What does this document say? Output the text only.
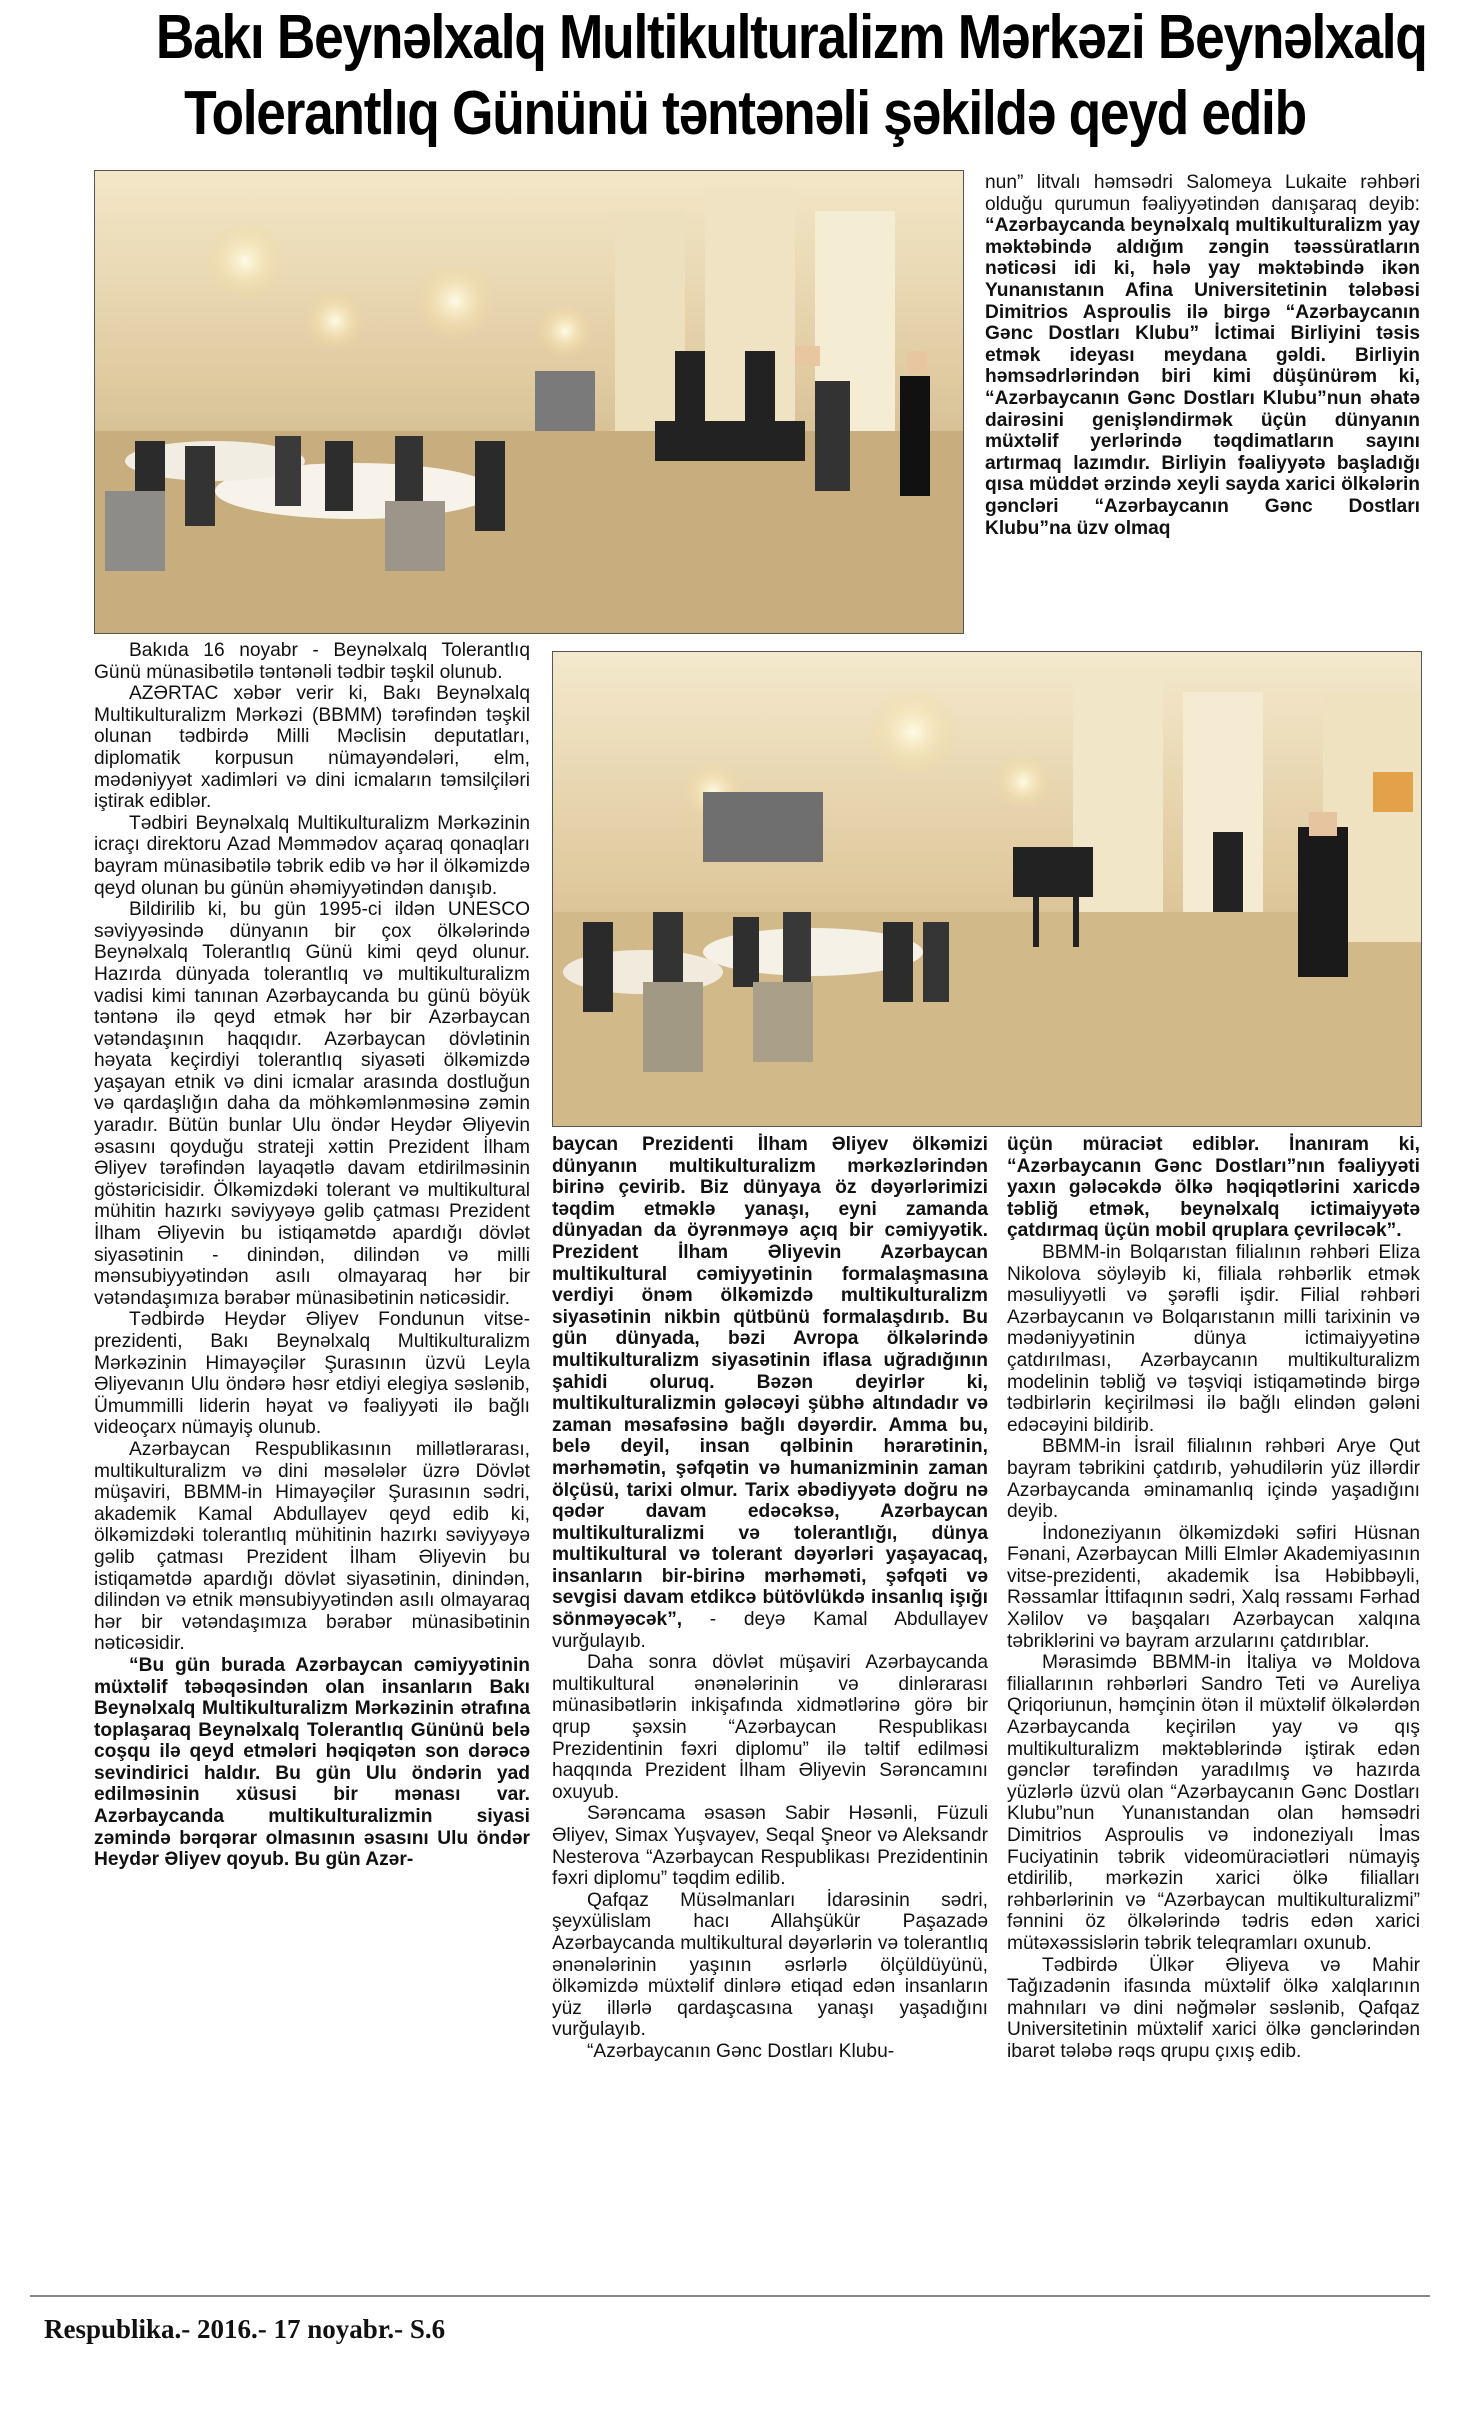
Bakı Beynəlxalq Multikulturalizm Mərkəzi Beynəlxalq
Tolerantlıq Gününü təntənəli şəkildə qeyd edib

Bakıda 16 noyabr - Beynəlxalq Tolerantlıq Günü münasibətilə təntənəli tədbir təşkil olunub.

AZƏRTAC xəbər verir ki, Bakı Beynəlxalq Multikulturalizm Mərkəzi (BBMM) tərəfindən təşkil olunan tədbirdə Milli Məclisin deputatları, diplomatik korpusun nümayəndələri, elm, mədəniyyət xadimləri və dini icmaların təmsilçiləri iştirak ediblər.

Tədbiri Beynəlxalq Multikulturalizm Mərkəzinin icraçı direktoru Azad Məmmədov açaraq qonaqları bayram münasibətilə təbrik edib və hər il ölkəmizdə qeyd olunan bu günün əhəmiyyətindən danışıb.

Bildirilib ki, bu gün 1995-ci ildən UNESCO səviyyəsində dünyanın bir çox ölkələrində Beynəlxalq Tolerantlıq Günü kimi qeyd olunur. Hazırda dünyada tolerantlıq və multikulturalizm vadisi kimi tanınan Azərbaycanda bu günü böyük təntənə ilə qeyd etmək hər bir Azərbaycan vətəndaşının haqqıdır. Azərbaycan dövlətinin həyata keçirdiyi tolerantlıq siyasəti ölkəmizdə yaşayan etnik və dini icmalar arasında dostluğun və qardaşlığın daha da möhkəmlənməsinə zəmin yaradır. Bütün bunlar Ulu öndər Heydər Əliyevin əsasını qoyduğu strateji xəttin Prezident İlham Əliyev tərəfindən layaqətlə davam etdirilməsinin göstəricisidir. Ölkəmizdəki tolerant və multikultural mühitin hazırkı səviyyəyə gəlib çatması Prezident İlham Əliyevin bu istiqamətdə apardığı dövlət siyasətinin - dinindən, dilindən və milli mənsubiyyətindən asılı olmayaraq hər bir vətəndaşımıza bərabər münasibətinin nəticəsidir.

Tədbirdə Heydər Əliyev Fondunun vitse-prezidenti, Bakı Beynəlxalq Multikulturalizm Mərkəzinin Himayəçilər Şurasının üzvü Leyla Əliyevanın Ulu öndərə həsr etdiyi elegiya səslənib, Ümummilli liderin həyat və fəaliyyəti ilə bağlı videoçarx nümayiş olunub.

Azərbaycan Respublikasının millətlərarası, multikulturalizm və dini məsələlər üzrə Dövlət müşaviri, BBMM-in Himayəçilər Şurasının sədri, akademik Kamal Abdullayev qeyd edib ki, ölkəmizdəki tolerantlıq mühitinin hazırkı səviyyəyə gəlib çatması Prezident İlham Əliyevin bu istiqamətdə apardığı dövlət siyasətinin, dinindən, dilindən və etnik mənsubiyyətindən asılı olmayaraq hər bir vətəndaşımıza bərabər münasibətinin nəticəsidir.

“Bu gün burada Azərbaycan cəmiyyətinin müxtəlif təbəqəsindən olan insanların Bakı Beynəlxalq Multikulturalizm Mərkəzinin ətrafına toplaşaraq Beynəlxalq Tolerantlıq Gününü belə coşqu ilə qeyd etmələri həqiqətən son dərəcə sevindirici haldır. Bu gün Ulu öndərin yad edilməsinin xüsusi bir mənası var. Azərbaycanda multikulturalizmin siyasi zəmində bərqərar olmasının əsasını Ulu öndər Heydər Əliyev qoyub. Bu gün Azər-

baycan Prezidenti İlham Əliyev ölkəmizi dünyanın multikulturalizm mərkəzlərindən birinə çevirib. Biz dünyaya öz dəyərlərimizi təqdim etməklə yanaşı, eyni zamanda dünyadan da öyrənməyə açıq bir cəmiyyətik. Prezident İlham Əliyevin Azərbaycan multikultural cəmiyyətinin formalaşmasına verdiyi önəm ölkəmizdə multikulturalizm siyasətinin nikbin qütbünü formalaşdırıb. Bu gün dünyada, bəzi Avropa ölkələrində multikulturalizm siyasətinin iflasa uğradığının şahidi oluruq. Bəzən deyirlər ki, multikulturalizmin gələcəyi şübhə altındadır və zaman məsafəsinə bağlı dəyərdir. Amma bu, belə deyil, insan qəlbinin hərarətinin, mərhəmətin, şəfqətin və humanizminin zaman ölçüsü, tarixi olmur. Tarix əbədiyyətə doğru nə qədər davam edəcəksə, Azərbaycan multikulturalizmi və tolerantlığı, dünya multikultural və tolerant dəyərləri yaşayacaq, insanların bir-birinə mərhəməti, şəfqəti və sevgisi davam etdikcə bütövlükdə insanlıq işığı sönməyəcək”, - deyə Kamal Abdullayev vurğulayıb.

Daha sonra dövlət müşaviri Azərbaycanda multikultural ənənələrinin və dinlərarası münasibətlərin inkişafında xidmətlərinə görə bir qrup şəxsin “Azərbaycan Respublikası Prezidentinin fəxri diplomu” ilə təltif edilməsi haqqında Prezident İlham Əliyevin Sərəncamını oxuyub.

Sərəncama əsasən Sabir Həsənli, Füzuli Əliyev, Simax Yuşvayev, Seqal Şneor və Aleksandr Nesterova “Azərbaycan Respublikası Prezidentinin fəxri diplomu” təqdim edilib.

Qafqaz Müsəlmanları İdarəsinin sədri, şeyxülislam hacı Allahşükür Paşazadə Azərbaycanda multikultural dəyərlərin və tolerantlıq ənənələrinin yaşının əsrlərlə ölçüldüyünü, ölkəmizdə müxtəlif dinlərə etiqad edən insanların yüz illərlə qardaşcasına yanaşı yaşadığını vurğulayıb.

“Azərbaycanın Gənc Dostları Klubu-

nun” litvalı həmsədri Salomeya Lukaite rəhbəri olduğu qurumun fəaliyyətindən danışaraq deyib: “Azərbaycanda beynəlxalq multikulturalizm yay məktəbində aldığım zəngin təəssüratların nəticəsi idi ki, hələ yay məktəbində ikən Yunanıstanın Afina Universitetinin tələbəsi Dimitrios Asproulis ilə birgə “Azərbaycanın Gənc Dostları Klubu” İctimai Birliyini təsis etmək ideyası meydana gəldi. Birliyin həmsədrlərindən biri kimi düşünürəm ki, “Azərbaycanın Gənc Dostları Klubu”nun əhatə dairəsini genişləndirmək üçün dünyanın müxtəlif yerlərində təqdimatların sayını artırmaq lazımdır. Birliyin fəaliyyətə başladığı qısa müddət ərzində xeyli sayda xarici ölkələrin gəncləri “Azərbaycanın Gənc Dostları Klubu”na üzv olmaq

üçün müraciət ediblər. İnanıram ki, “Azərbaycanın Gənc Dostları”nın fəaliyyəti yaxın gələcəkdə ölkə həqiqətlərini xaricdə təbliğ etmək, beynəlxalq ictimaiyyətə çatdırmaq üçün mobil qruplara çevriləcək”.

BBMM-in Bolqarıstan filialının rəhbəri Eliza Nikolova söyləyib ki, filiala rəhbərlik etmək məsuliyyətli və şərəfli işdir. Filial rəhbəri Azərbaycanın və Bolqarıstanın milli tarixinin və mədəniyyətinin dünya ictimaiyyətinə çatdırılması, Azərbaycanın multikulturalizm modelinin təbliğ və təşviqi istiqamətində birgə tədbirlərin keçirilməsi ilə bağlı elindən gələni edəcəyini bildirib.

BBMM-in İsrail filialının rəhbəri Arye Qut bayram təbrikini çatdırıb, yəhudilərin yüz illərdir Azərbaycanda əminamanlıq içində yaşadığını deyib.

İndoneziyanın ölkəmizdəki səfiri Hüsnan Fənani, Azərbaycan Milli Elmlər Akademiyasının vitse-prezidenti, akademik İsa Həbibbəyli, Rəssamlar İttifaqının sədri, Xalq rəssamı Fərhad Xəlilov və başqaları Azərbaycan xalqına təbriklərini və bayram arzularını çatdırıblar.

Mərasimdə BBMM-in İtaliya və Moldova filiallarının rəhbərləri Sandro Teti və Aureliya Qriqoriunun, həmçinin ötən il müxtəlif ölkələrdən Azərbaycanda keçirilən yay və qış multikulturalizm məktəblərində iştirak edən gənclər tərəfindən yaradılmış və hazırda yüzlərlə üzvü olan “Azərbaycanın Gənc Dostları Klubu”nun Yunanıstandan olan həmsədri Dimitrios Asproulis və indoneziyalı İmas Fuciyatinin təbrik videomüraciətləri nümayiş etdirilib, mərkəzin xarici ölkə filialları rəhbərlərinin və “Azərbaycan multikulturalizmi” fənnini öz ölkələrində tədris edən xarici mütəxəssislərin təbrik teleqramları oxunub.

Tədbirdə Ülkər Əliyeva və Mahir Tağızadənin ifasında müxtəlif ölkə xalqlarının mahnıları və dini nəğmələr səslənib, Qafqaz Universitetinin müxtəlif xarici ölkə gənclərindən ibarət tələbə rəqs qrupu çıxış edib.

Respublika.- 2016.- 17 noyabr.- S.6
